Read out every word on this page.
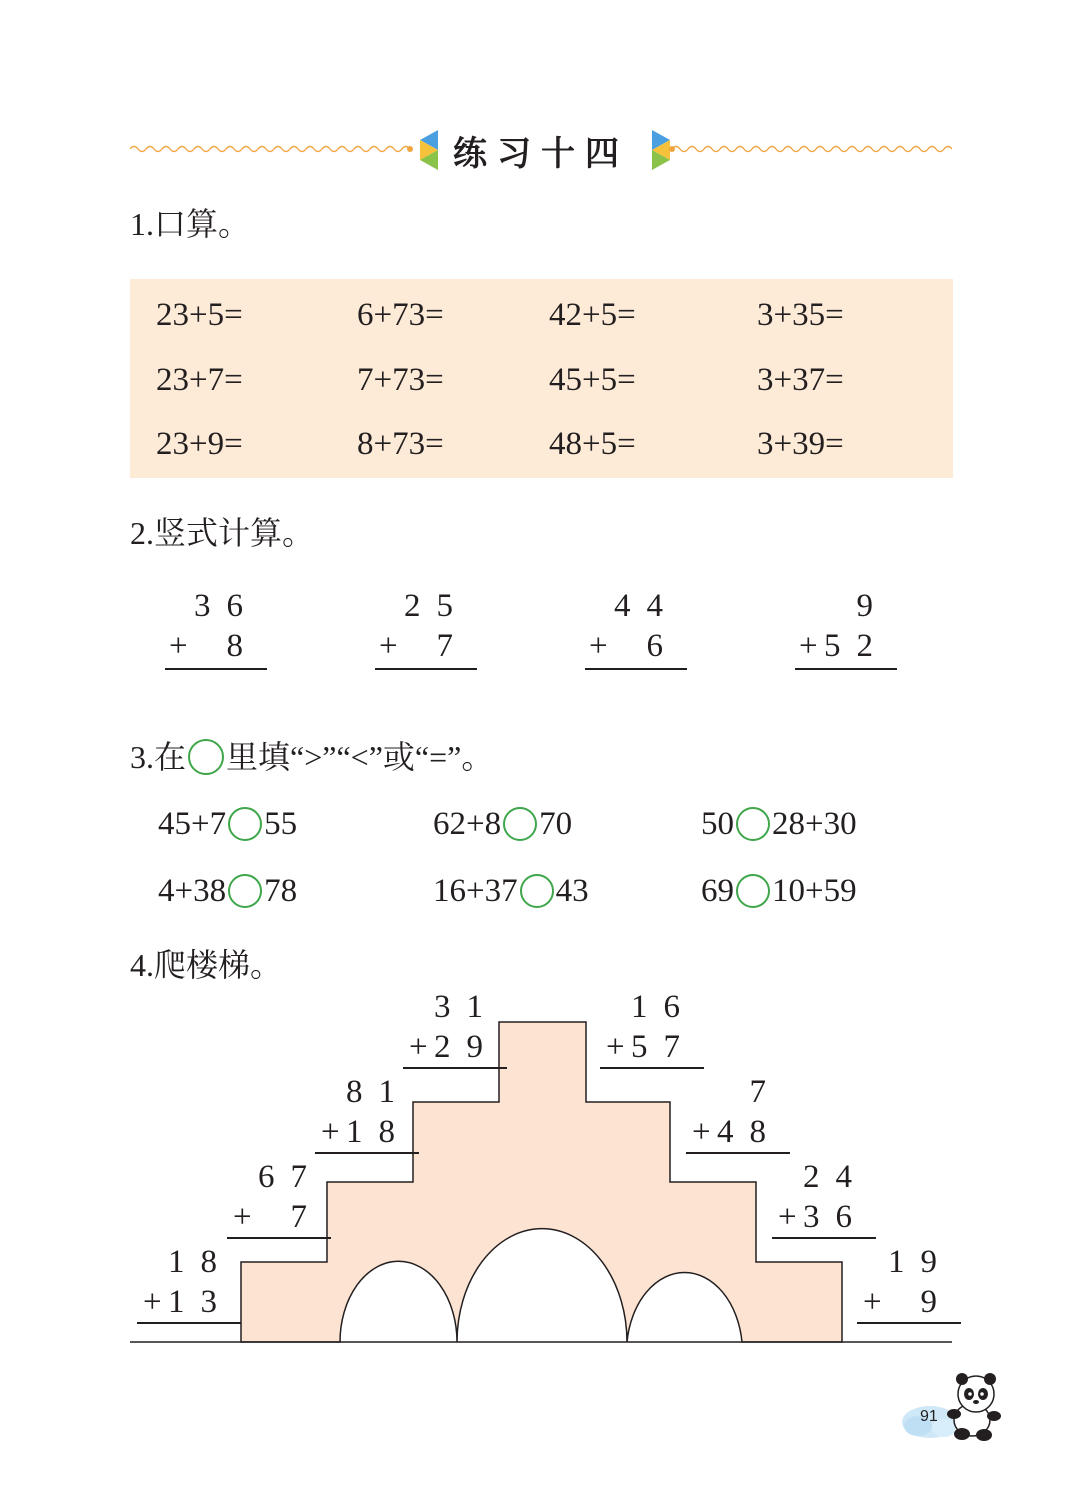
练习十四
1.口算。
23+5=	6+73=	42+5=	3+35=
23+7=	7+73=	45+5=	3+37=
23+9=	8+73=	48+5=	3+39=
2.竖式计算。
36
+ 8
25
+ 7
44
+ 6
9
+ 52
3.在 里填“>”“<”或“=”。
45+7 55	62+8 70	50 28+30
4+38 78	16+37 43	69 10+59
4.爬楼梯。
18
+ 13
67
+ 7
81
+ 18
31
+ 29
16
+ 57
7
+ 48
24
+ 36
19
+ 9
91
